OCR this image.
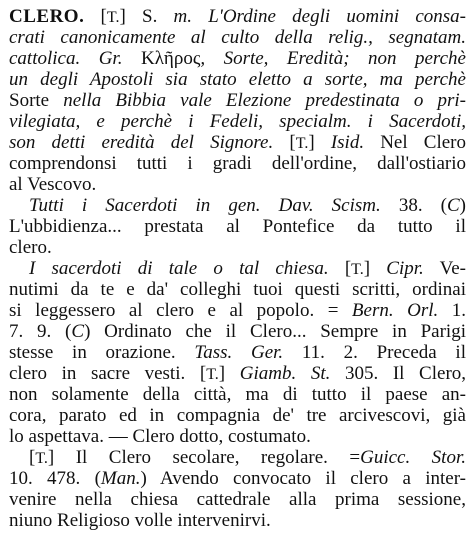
CLERO. [T.] S. m. L'Ordine degli uomini consa-
crati canonicamente al culto della relig., segnatam.
cattolica. Gr. Κλῆρος, Sorte, Eredità; non perchè
un degli Apostoli sia stato eletto a sorte, ma perchè
Sorte nella Bibbia vale Elezione predestinata o pri-
vilegiata, e perchè i Fedeli, specialm. i Sacerdoti,
son detti eredità del Signore. [T.] Isid. Nel Clero
comprendonsi tutti i gradi dell'ordine, dall'ostiario
al Vescovo.
Tutti i Sacerdoti in gen. Dav. Scism. 38. (C)
L'ubbidienza... prestata al Pontefice da tutto il
clero.
I sacerdoti di tale o tal chiesa. [T.] Cipr. Ve-
nutimi da te e da' colleghi tuoi questi scritti, ordinai
si leggessero al clero e al popolo. = Bern. Orl. 1.
7. 9. (C) Ordinato che il Clero... Sempre in Parigi
stesse in orazione. Tass. Ger. 11. 2. Preceda il
clero in sacre vesti. [T.] Giamb. St. 305. Il Clero,
non solamente della città, ma di tutto il paese an-
cora, parato ed in compagnia de' tre arcivescovi, già
lo aspettava. — Clero dotto, costumato.
[T.] Il Clero secolare, regolare. =Guicc. Stor.
10. 478. (Man.) Avendo convocato il clero a inter-
venire nella chiesa cattedrale alla prima sessione,
niuno Religioso volle intervenirvi.
